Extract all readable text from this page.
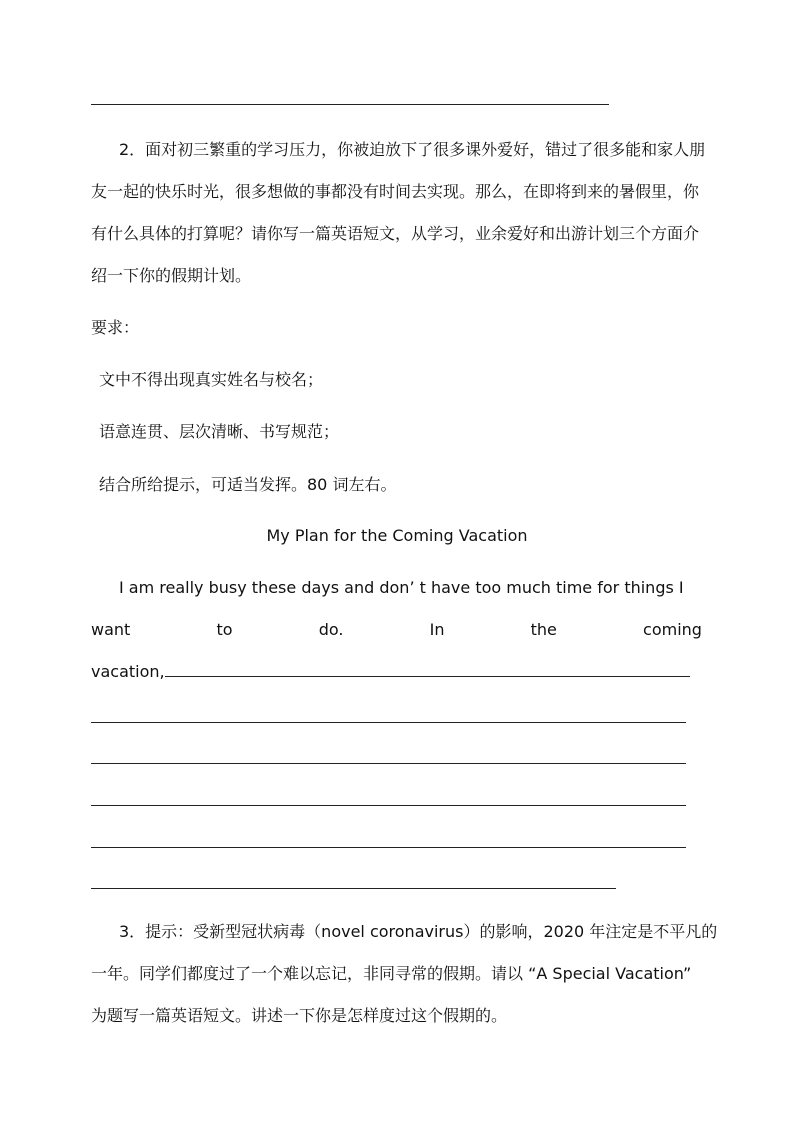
2．面对初三繁重的学习压力，你被迫放下了很多课外爱好，错过了很多能和家人朋
友一起的快乐时光，很多想做的事都没有时间去实现。那么，在即将到来的暑假里，你
有什么具体的打算呢？请你写一篇英语短文，从学习，业余爱好和出游计划三个方面介
绍一下你的假期计划。
要求：
文中不得出现真实姓名与校名；
语意连贯、层次清晰、书写规范；
结合所给提示，可适当发挥。80 词左右。
My Plan for the Coming Vacation
I am really busy these days and don’ t have too much time for things I
want	to	do.	In	the	coming
vacation,
3．提示：受新型冠状病毒（novel coronavirus）的影响，2020 年注定是不平凡的
一年。同学们都度过了一个难以忘记，非同寻常的假期。请以 “A Special Vacation”
为题写一篇英语短文。讲述一下你是怎样度过这个假期的。
